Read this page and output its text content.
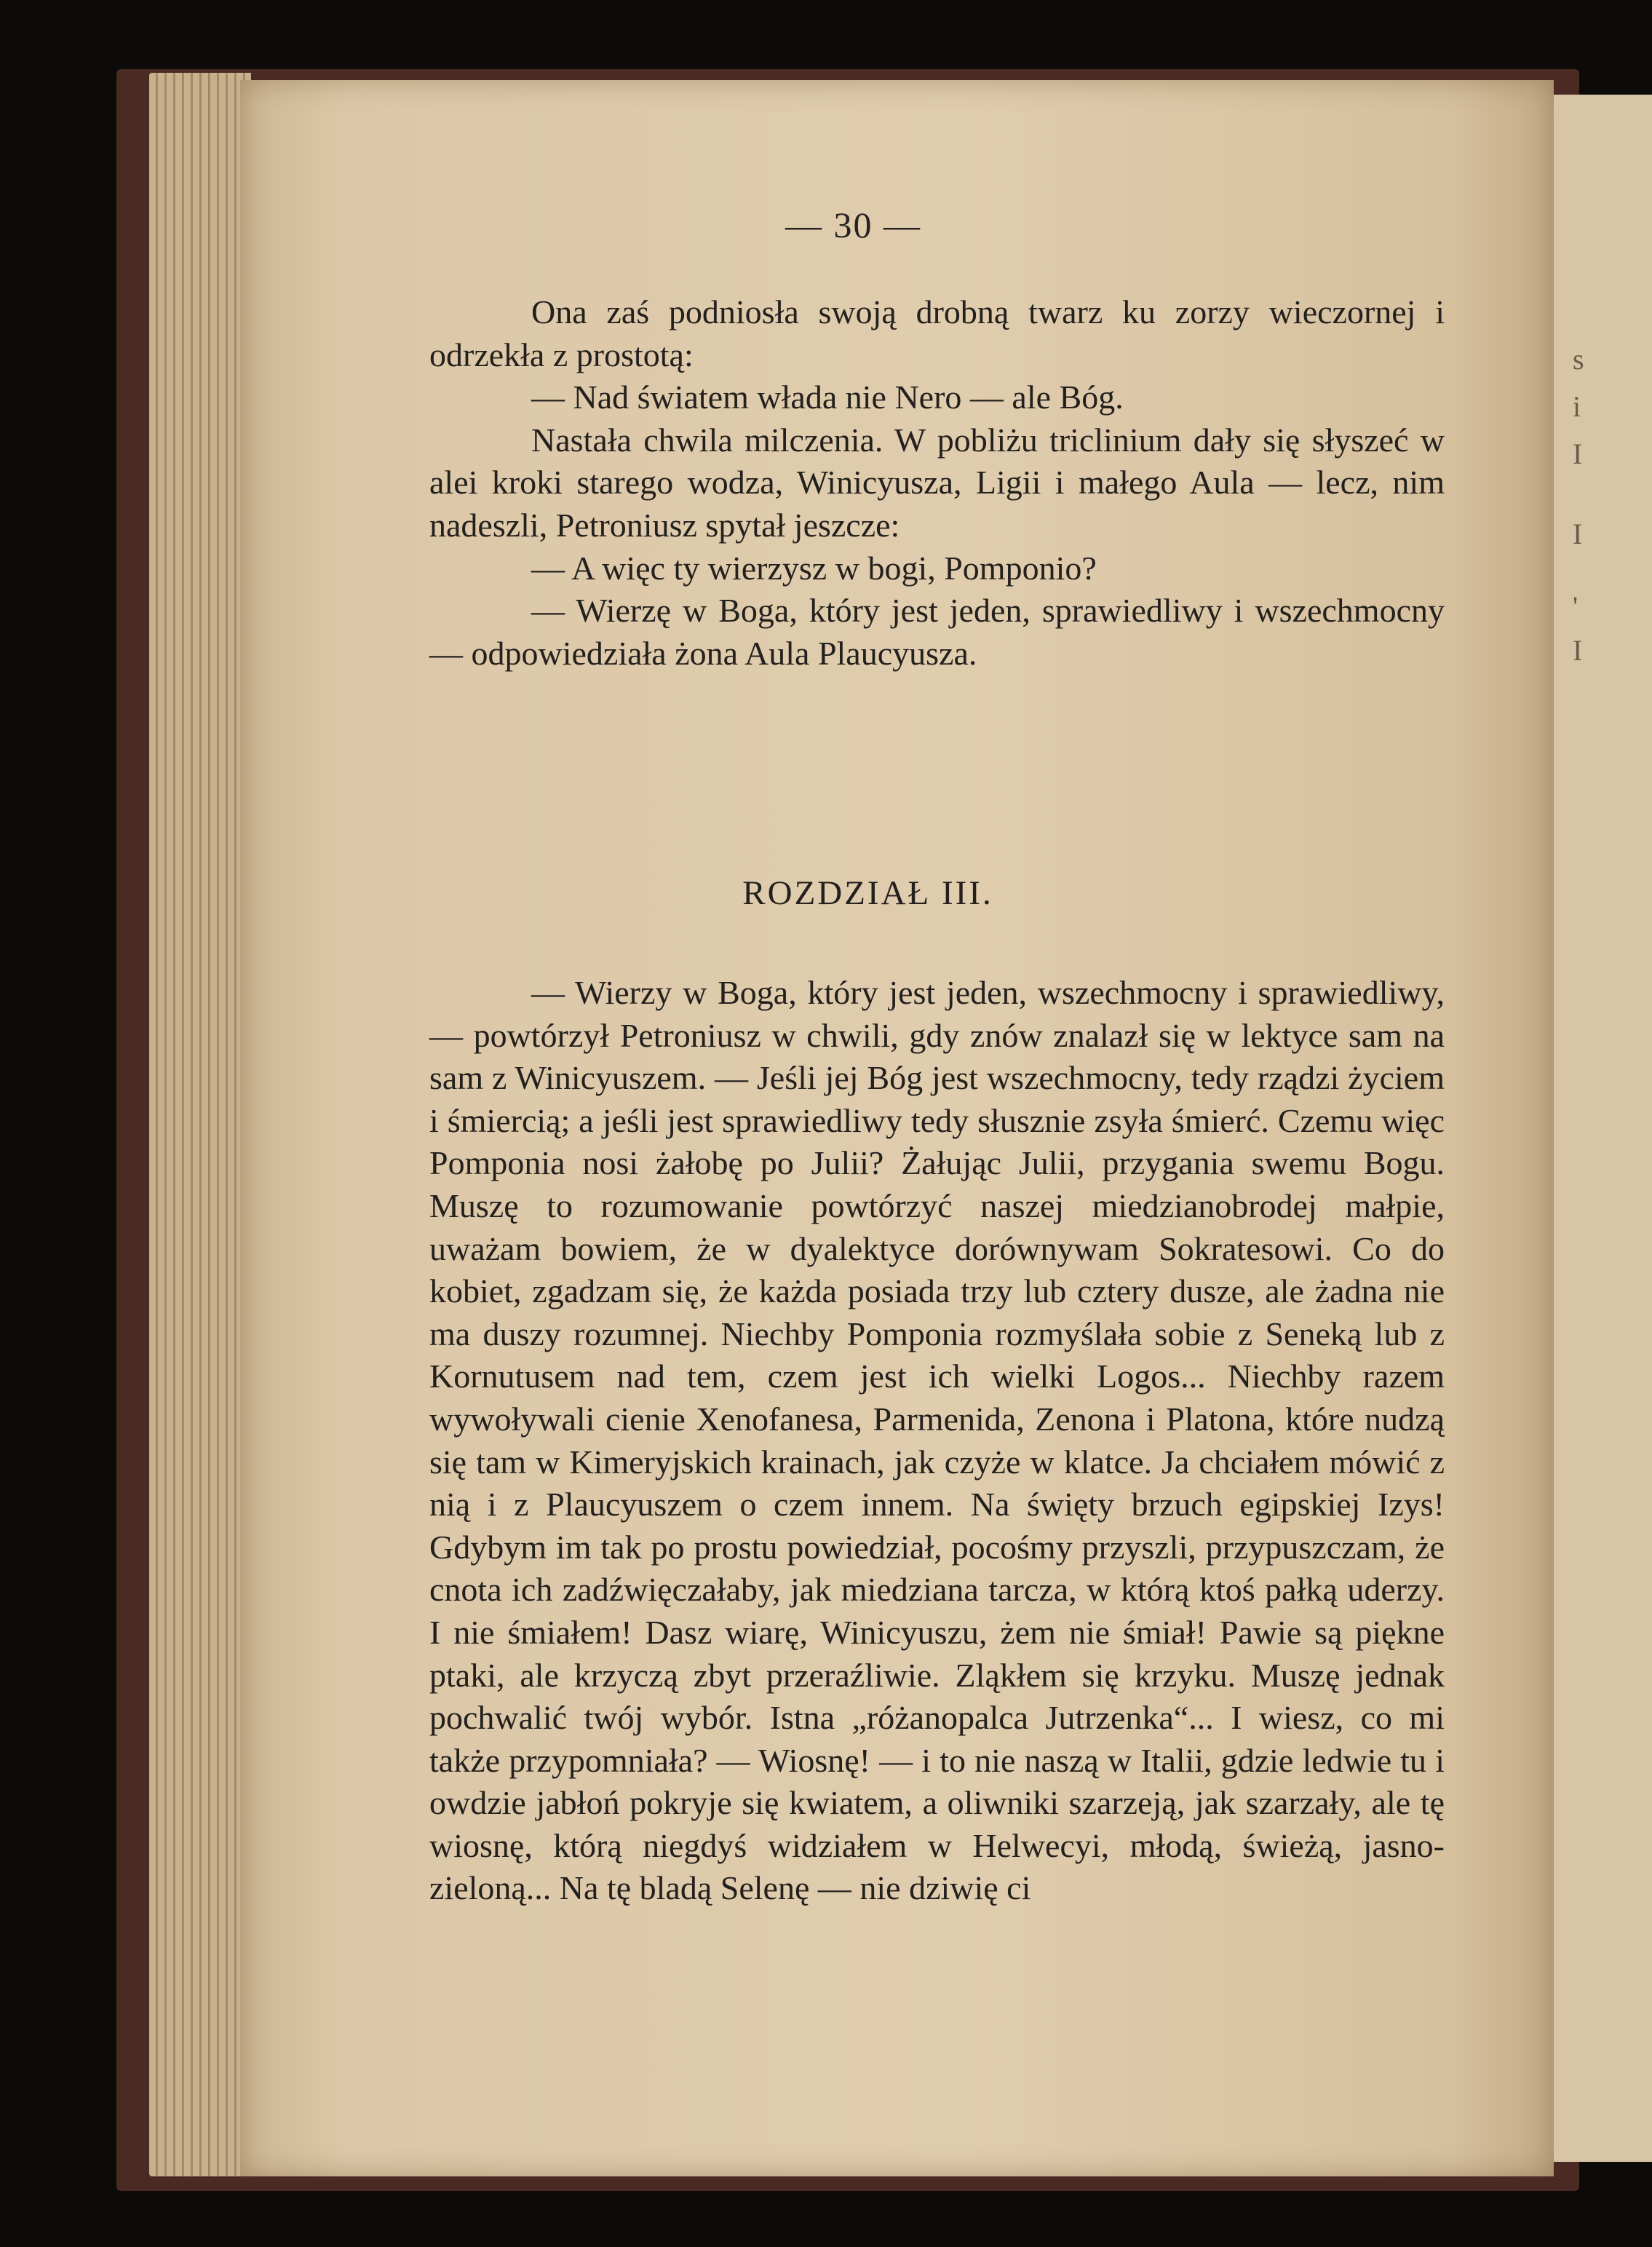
s
i
I
I
'
I
— 30 —

Ona zaś podniosła swoją drobną twarz ku zorzy wieczornej i odrzekła z prostotą:

— Nad światem włada nie Nero — ale Bóg.

Nastała chwila milczenia. W pobliżu triclinium dały się słyszeć w alei kroki starego wodza, Winicyusza, Ligii i małego Aula — lecz, nim nadeszli, Petroniusz spytał jeszcze:

— A więc ty wierzysz w bogi, Pomponio?

— Wierzę w Boga, który jest jeden, sprawiedliwy i wszechmocny — odpowiedziała żona Aula Plaucyusza.

ROZDZIAŁ III.

— Wierzy w Boga, który jest jeden, wszechmocny i sprawiedliwy, — powtórzył Petroniusz w chwili, gdy znów znalazł się w lektyce sam na sam z Winicyuszem. — Jeśli jej Bóg jest wszechmocny, tedy rządzi życiem i śmiercią; a jeśli jest sprawiedliwy tedy słusznie zsyła śmierć. Czemu więc Pomponia nosi żałobę po Julii? Żałując Julii, przygania swemu Bogu. Muszę to rozumowanie powtórzyć naszej miedzianobrodej małpie, uważam bowiem, że w dyalektyce dorównywam Sokratesowi. Co do kobiet, zgadzam się, że każda posiada trzy lub cztery dusze, ale żadna nie ma duszy rozumnej. Niechby Pomponia rozmyślała sobie z Seneką lub z Kornutusem nad tem, czem jest ich wielki Logos... Niechby razem wywoływali cienie Xenofanesa, Parmenida, Zenona i Platona, które nudzą się tam w Kimeryjskich krainach, jak czyże w klatce. Ja chciałem mówić z nią i z Plaucyuszem o czem innem. Na święty brzuch egipskiej Izys! Gdybym im tak po prostu powiedział, pocośmy przyszli, przypuszczam, że cnota ich zadźwięczałaby, jak miedziana tarcza, w którą ktoś pałką uderzy. I nie śmiałem! Dasz wiarę, Winicyuszu, żem nie śmiał! Pawie są piękne ptaki, ale krzyczą zbyt przeraźliwie. Zląkłem się krzyku. Muszę jednak pochwalić twój wybór. Istna „różanopalca Jutrzenka“... I wiesz, co mi także przypomniała? — Wiosnę! — i to nie naszą w Italii, gdzie ledwie tu i owdzie jabłoń pokryje się kwiatem, a oliwniki szarzeją, jak szarzały, ale tę wiosnę, którą niegdyś widziałem w Helwecyi, młodą, świeżą, jasno-zieloną... Na tę bladą Selenę — nie dziwię ci
